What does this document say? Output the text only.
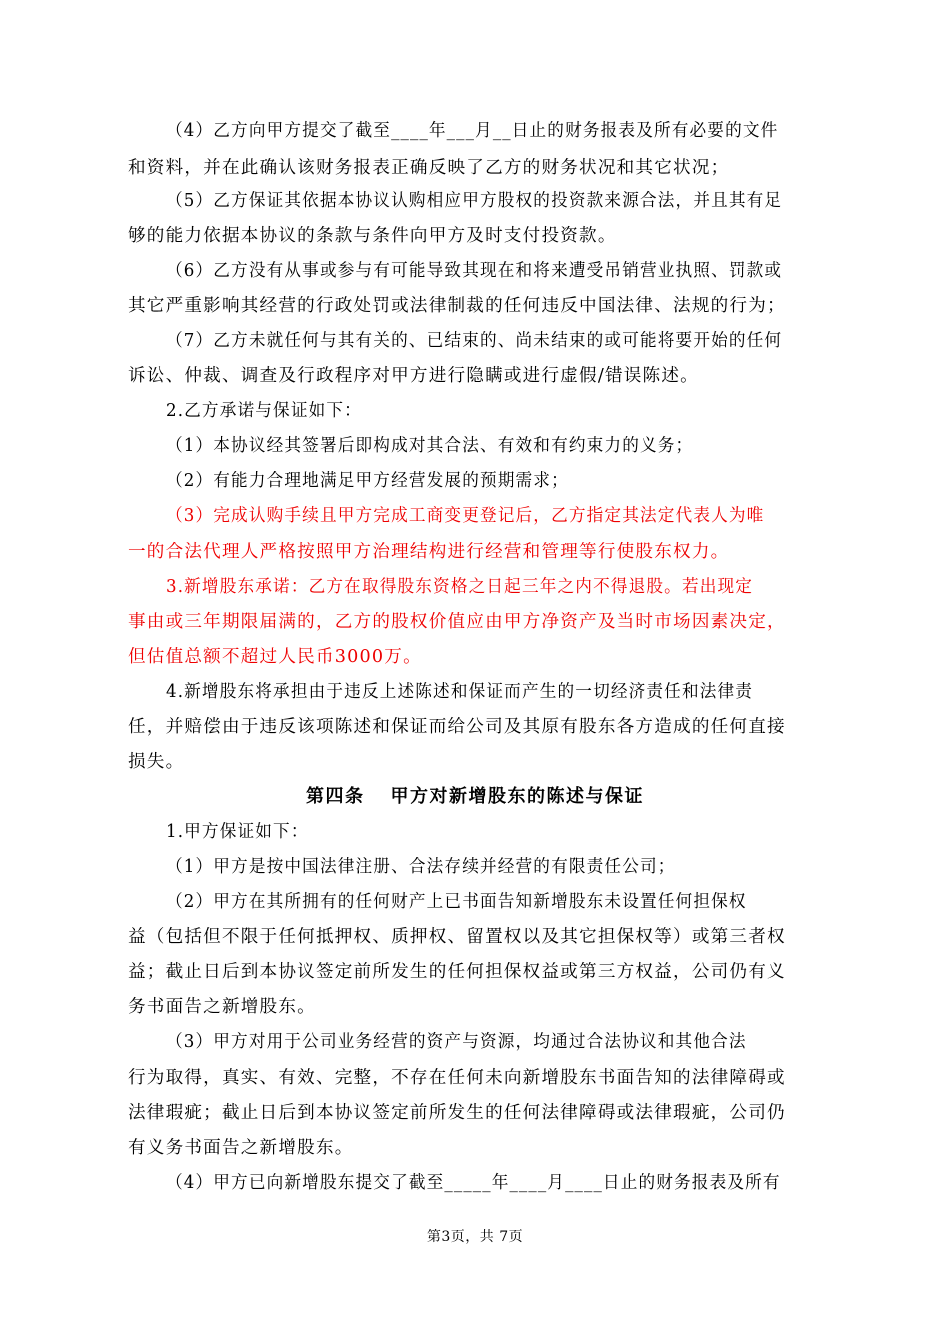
（4）乙方向甲方提交了截至____年___月__日止的财务报表及所有必要的文件
和资料，并在此确认该财务报表正确反映了乙方的财务状况和其它状况；
（5）乙方保证其依据本协议认购相应甲方股权的投资款来源合法，并且其有足
够的能力依据本协议的条款与条件向甲方及时支付投资款。
（6）乙方没有从事或参与有可能导致其现在和将来遭受吊销营业执照、罚款或
其它严重影响其经营的行政处罚或法律制裁的任何违反中国法律、法规的行为；
（7）乙方未就任何与其有关的、已结束的、尚未结束的或可能将要开始的任何
诉讼、仲裁、调查及行政程序对甲方进行隐瞒或进行虚假/错误陈述。
2.乙方承诺与保证如下：
（1）本协议经其签署后即构成对其合法、有效和有约束力的义务；
（2）有能力合理地满足甲方经营发展的预期需求；
（3）完成认购手续且甲方完成工商变更登记后，乙方指定其法定代表人为唯
一的合法代理人严格按照甲方治理结构进行经营和管理等行使股东权力。
3.新增股东承诺：乙方在取得股东资格之日起三年之内不得退股。若出现定
事由或三年期限届满的，乙方的股权价值应由甲方净资产及当时市场因素决定，
但估值总额不超过人民币3000万。
4.新增股东将承担由于违反上述陈述和保证而产生的一切经济责任和法律责
任，并赔偿由于违反该项陈述和保证而给公司及其原有股东各方造成的任何直接
损失。
第四条 甲方对新增股东的陈述与保证
1.甲方保证如下：
（1）甲方是按中国法律注册、合法存续并经营的有限责任公司；
（2）甲方在其所拥有的任何财产上已书面告知新增股东未设置任何担保权
益（包括但不限于任何抵押权、质押权、留置权以及其它担保权等）或第三者权
益；截止日后到本协议签定前所发生的任何担保权益或第三方权益，公司仍有义
务书面告之新增股东。
（3）甲方对用于公司业务经营的资产与资源，均通过合法协议和其他合法
行为取得，真实、有效、完整，不存在任何未向新增股东书面告知的法律障碍或
法律瑕疵；截止日后到本协议签定前所发生的任何法律障碍或法律瑕疵，公司仍
有义务书面告之新增股东。
（4）甲方已向新增股东提交了截至_____年____月____日止的财务报表及所有
第3页，共 7页
